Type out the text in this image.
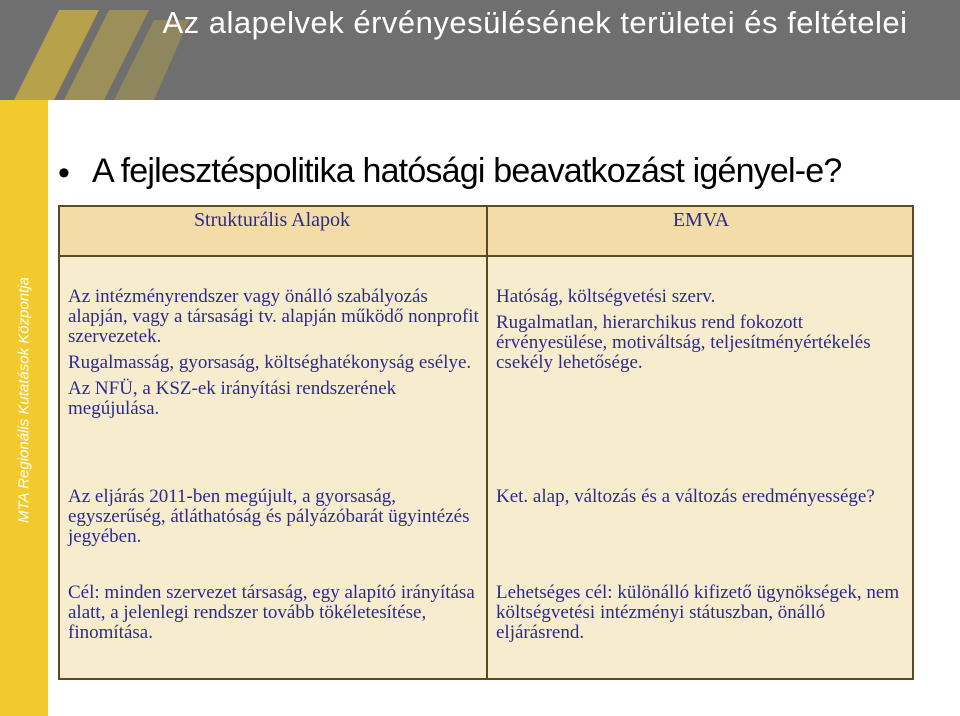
Az alapelvek érvényesülésének területei és feltételei
MTA Regionális Kutatások Központja
• A fejlesztéspolitika hatósági beavatkozást igényel-e?
Strukturális Alapok	EMVA

Az intézményrendszer vagy önálló szabályozás alapján, vagy a társasági tv. alapján működő nonprofit szervezetek.

Rugalmasság, gyorsaság, költséghatékonyság esélye.

Az NFÜ, a KSZ-ek irányítási rendszerének megújulása.

Hatóság, költségvetési szerv.

Rugalmatlan, hierarchikus rend fokozott érvényesülése, motiváltság, teljesítményértékelés csekély lehetősége.

Az eljárás 2011-ben megújult, a gyorsaság, egyszerűség, átláthatóság és pályázóbarát ügyintézés jegyében.

Ket. alap, változás és a változás eredményessége?

Cél: minden szervezet társaság, egy alapító irányítása alatt, a jelenlegi rendszer tovább tökéletesítése, finomítása.

Lehetséges cél: különálló kifizető ügynökségek, nem költségvetési intézményi státuszban, önálló eljárásrend.

4
